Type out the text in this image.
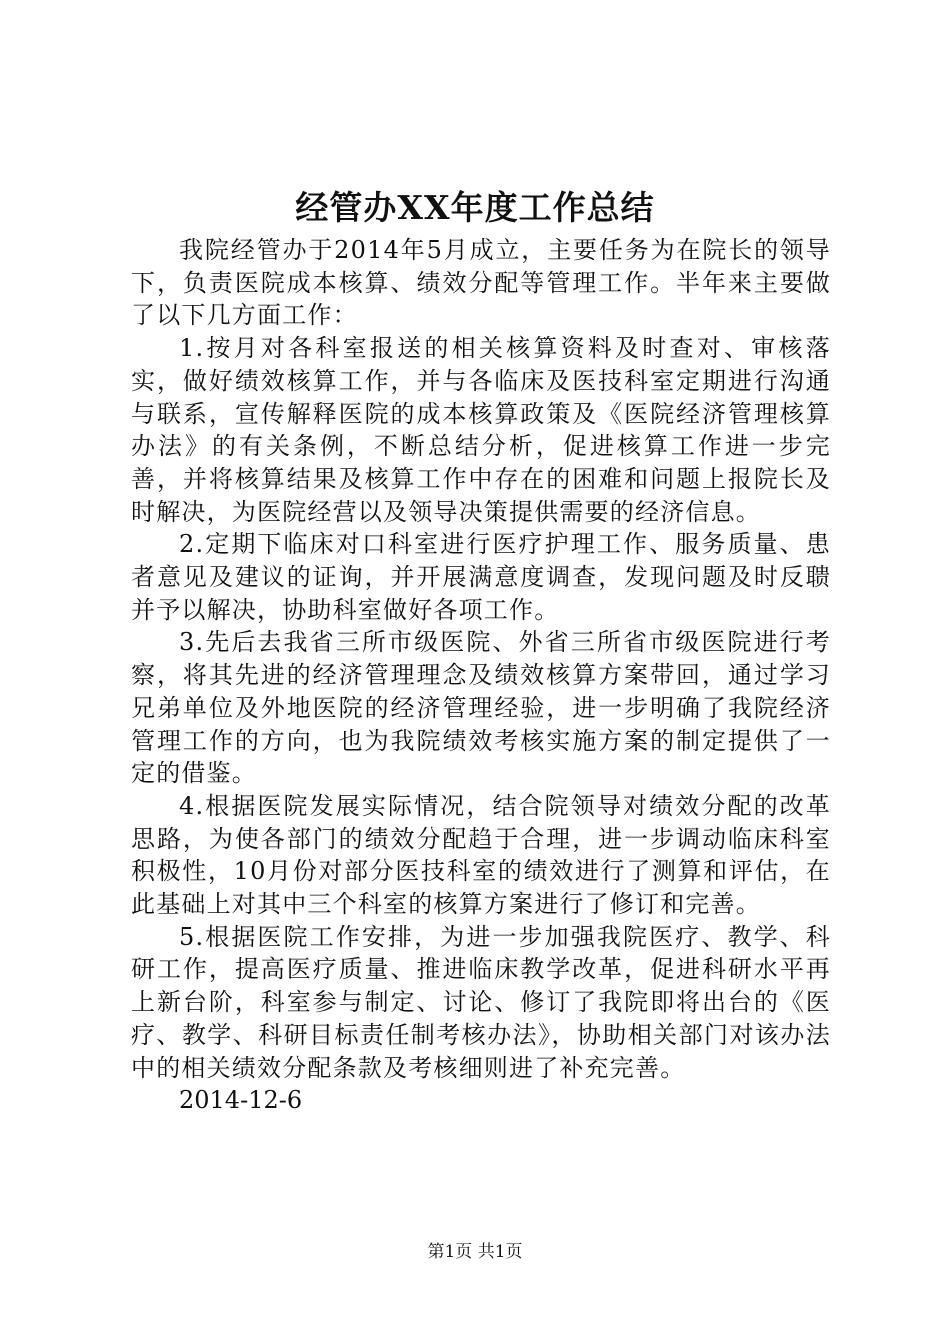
经管办XX年度工作总结

我院经管办于2014年5月成立，主要任务为在院长的领导下，负责医院成本核算、绩效分配等管理工作。半年来主要做了以下几方面工作：

1.按月对各科室报送的相关核算资料及时查对、审核落实，做好绩效核算工作，并与各临床及医技科室定期进行沟通与联系，宣传解释医院的成本核算政策及《医院经济管理核算办法》的有关条例，不断总结分析，促进核算工作进一步完善，并将核算结果及核算工作中存在的困难和问题上报院长及时解决，为医院经营以及领导决策提供需要的经济信息。

2.定期下临床对口科室进行医疗护理工作、服务质量、患者意见及建议的证询，并开展满意度调查，发现问题及时反聩并予以解决，协助科室做好各项工作。

3.先后去我省三所市级医院、外省三所省市级医院进行考察，将其先进的经济管理理念及绩效核算方案带回，通过学习兄弟单位及外地医院的经济管理经验，进一步明确了我院经济管理工作的方向，也为我院绩效考核实施方案的制定提供了一定的借鉴。

4.根据医院发展实际情况，结合院领导对绩效分配的改革思路，为使各部门的绩效分配趋于合理，进一步调动临床科室积极性，10月份对部分医技科室的绩效进行了测算和评估，在此基础上对其中三个科室的核算方案进行了修订和完善。

5.根据医院工作安排，为进一步加强我院医疗、教学、科研工作，提高医疗质量、推进临床教学改革，促进科研水平再上新台阶，科室参与制定、讨论、修订了我院即将出台的《医疗、教学、科研目标责任制考核办法》，协助相关部门对该办法中的相关绩效分配条款及考核细则进了补充完善。

2014-12-6

第1页 共1页
